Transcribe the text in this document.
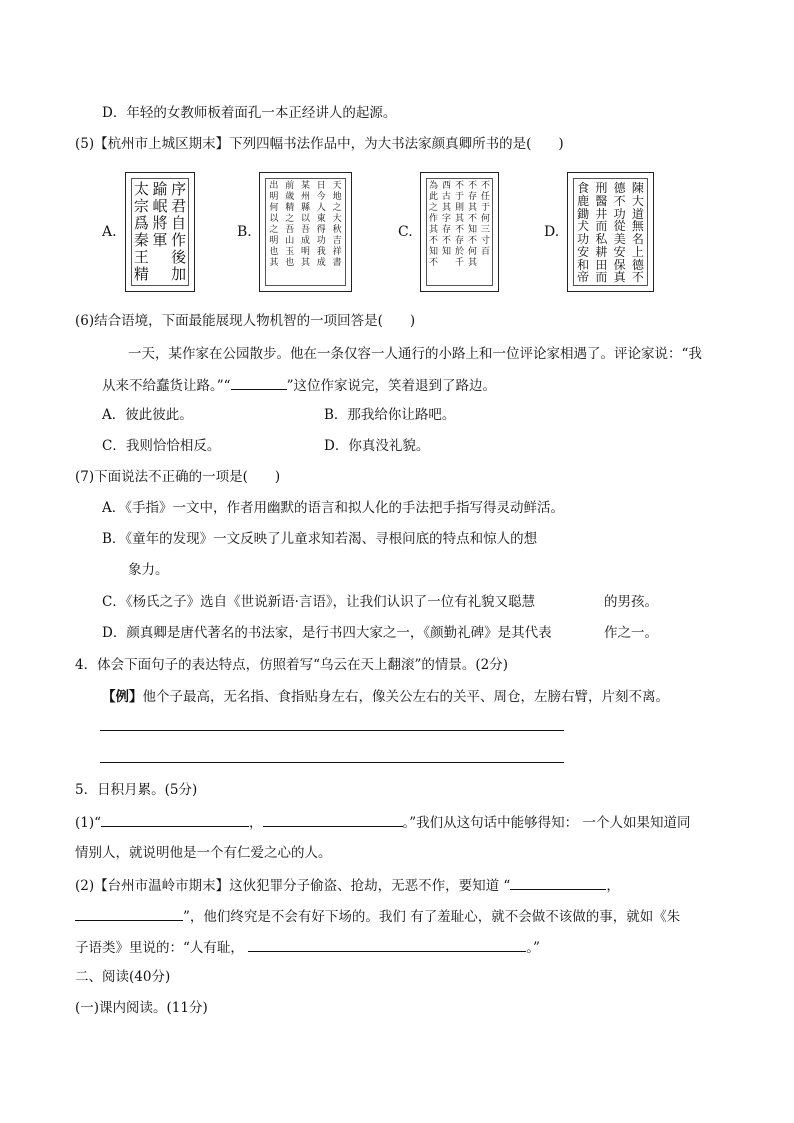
D．年轻的女教师板着面孔一本正经讲人的起源。
(5)【杭州市上城区期末】下列四幅书法作品中，为大书法家颜真卿所书的是(　　)
A.
序
君
自
作
後
加
踰
岷
將
軍
太
宗
爲
秦
王
精
B.
天
地
之
大
秋
吉
祥
書
日
今
人
東
得
功
我
成
某
州
縣
以
吾
成
明
其
前
歲
精
之
吾
山
玉
也
出
明
何
以
之
明
也
其
C.
不
任
于
何
三
寸
百
不
存
其
不
知
不
何
其
不
于
則
其
不
存
於
千
西
古
其
字
存
不
知
為
此
之
作
其
不
知
不
D.
陳
大
道
無
名
上
德
不
德
不
功
從
美
安
保
真
刑
醫
井
而
私
耕
田
而
食
鹿
鋤
犬
功
安
和
帝
(6)结合语境，下面最能展现人物机智的一项回答是(　　)
一天，某作家在公园散步。他在一条仅容一人通行的小路上和一位评论家相遇了。评论家说：“我
从来不给蠢货让路。”“	”这位作家说完，笑着退到了路边。
A．彼此彼此。	B．那我给你让路吧。
C．我则恰恰相反。	D．你真没礼貌。
(7)下面说法不正确的一项是(　　)
A．《手指》一文中，作者用幽默的语言和拟人化的手法把手指写得灵动鲜活。
B．《童年的发现》一文反映了儿童求知若渴、寻根问底的特点和惊人的想
象力。
C．《杨氏之子》选自《世说新语·言语》，让我们认识了一位有礼貌又聪慧	的男孩。
D．颜真卿是唐代著名的书法家，是行书四大家之一，《颜勤礼碑》是其代表	作之一。
4．体会下面句子的表达特点，仿照着写“乌云在天上翻滚”的情景。(2分)
【例】他个子最高，无名指、食指贴身左右，像关公左右的关平、周仓，左膀右臂，片刻不离。
5．日积月累。(5分)
(1)“	，	。”我们从这句话中能够得知： 一个人如果知道同
情别人，就说明他是一个有仁爱之心的人。
(2)【台州市温岭市期末】这伙犯罪分子偷盗、抢劫，无恶不作，要知道 “	，
”，他们终究是不会有好下场的。我们 有了羞耻心，就不会做不该做的事，就如《朱
子语类》里说的：“人有耻，	。”
二、阅读(40分)
(一)课内阅读。(11分)
